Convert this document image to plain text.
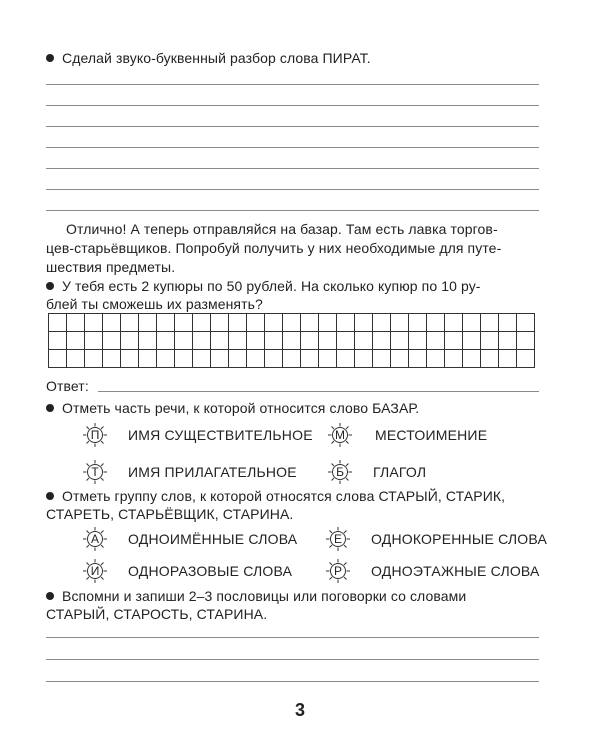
Сделай звуко-буквенный разбор слова ПИРАТ.
Отлично! А теперь отправляйся на базар. Там есть лавка торгов-
цев-старьёвщиков. Попробуй получить у них необходимые для путе-
шествия предметы.
У тебя есть 2 купюры по 50 рублей. На сколько купюр по 10 ру-
блей ты сможешь их разменять?
Ответ:
Отметь часть речи, к которой относится слово БАЗАР.
П	ИМЯ СУЩЕСТВИТЕЛЬНОЕ	М	МЕСТОИМЕНИЕ
Т	ИМЯ ПРИЛАГАТЕЛЬНОЕ	Б	ГЛАГОЛ
Отметь группу слов, к которой относятся слова СТАРЫЙ, СТАРИК,
СТАРЕТЬ, СТАРЬЁВЩИК, СТАРИНА.
А	ОДНОИМЁННЫЕ СЛОВА	Е	ОДНОКОРЕННЫЕ СЛОВА
И	ОДНОРАЗОВЫЕ СЛОВА	Р	ОДНОЭТАЖНЫЕ СЛОВА
Вспомни и запиши 2–3 пословицы или поговорки со словами
СТАРЫЙ, СТАРОСТЬ, СТАРИНА.
3
